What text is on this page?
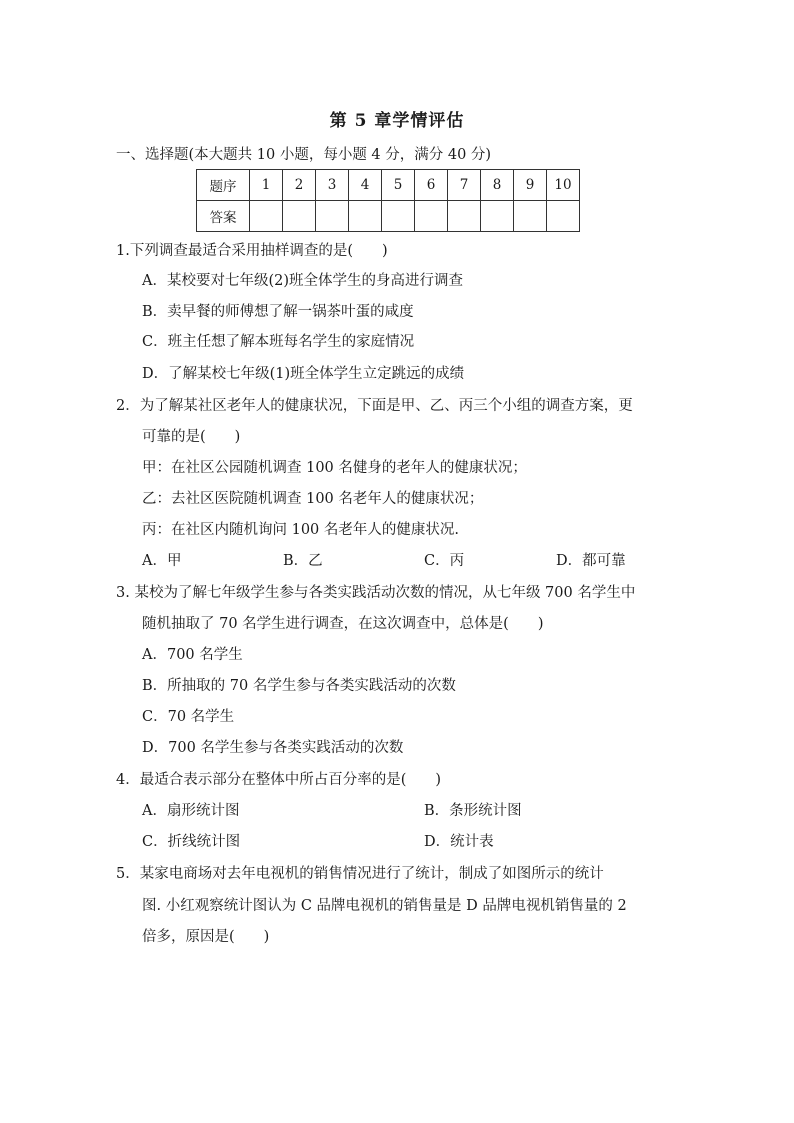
第 5 章学情评估
一、选择题(本大题共 10 小题，每小题 4 分，满分 40 分)
题序	1	2	3	4	5	6	7	8	9	10
答案										
1.下列调查最适合采用抽样调查的是(　　)
A．某校要对七年级(2)班全体学生的身高进行调查
B．卖早餐的师傅想了解一锅茶叶蛋的咸度
C．班主任想了解本班每名学生的家庭情况
D．了解某校七年级(1)班全体学生立定跳远的成绩
2．为了解某社区老年人的健康状况，下面是甲、乙、丙三个小组的调查方案，更
可靠的是(　　)
甲：在社区公园随机调查 100 名健身的老年人的健康状况；
乙：去社区医院随机调查 100 名老年人的健康状况；
丙：在社区内随机询问 100 名老年人的健康状况.
A．甲	B．乙	C．丙	D．都可靠
3. 某校为了解七年级学生参与各类实践活动次数的情况，从七年级 700 名学生中
随机抽取了 70 名学生进行调查，在这次调查中，总体是(　　)
A．700 名学生
B．所抽取的 70 名学生参与各类实践活动的次数
C．70 名学生
D．700 名学生参与各类实践活动的次数
4．最适合表示部分在整体中所占百分率的是(　　)
A．扇形统计图	B．条形统计图
C．折线统计图	D．统计表
5．某家电商场对去年电视机的销售情况进行了统计，制成了如图所示的统计
图. 小红观察统计图认为 C 品牌电视机的销售量是 D 品牌电视机销售量的 2
倍多，原因是(　　)
